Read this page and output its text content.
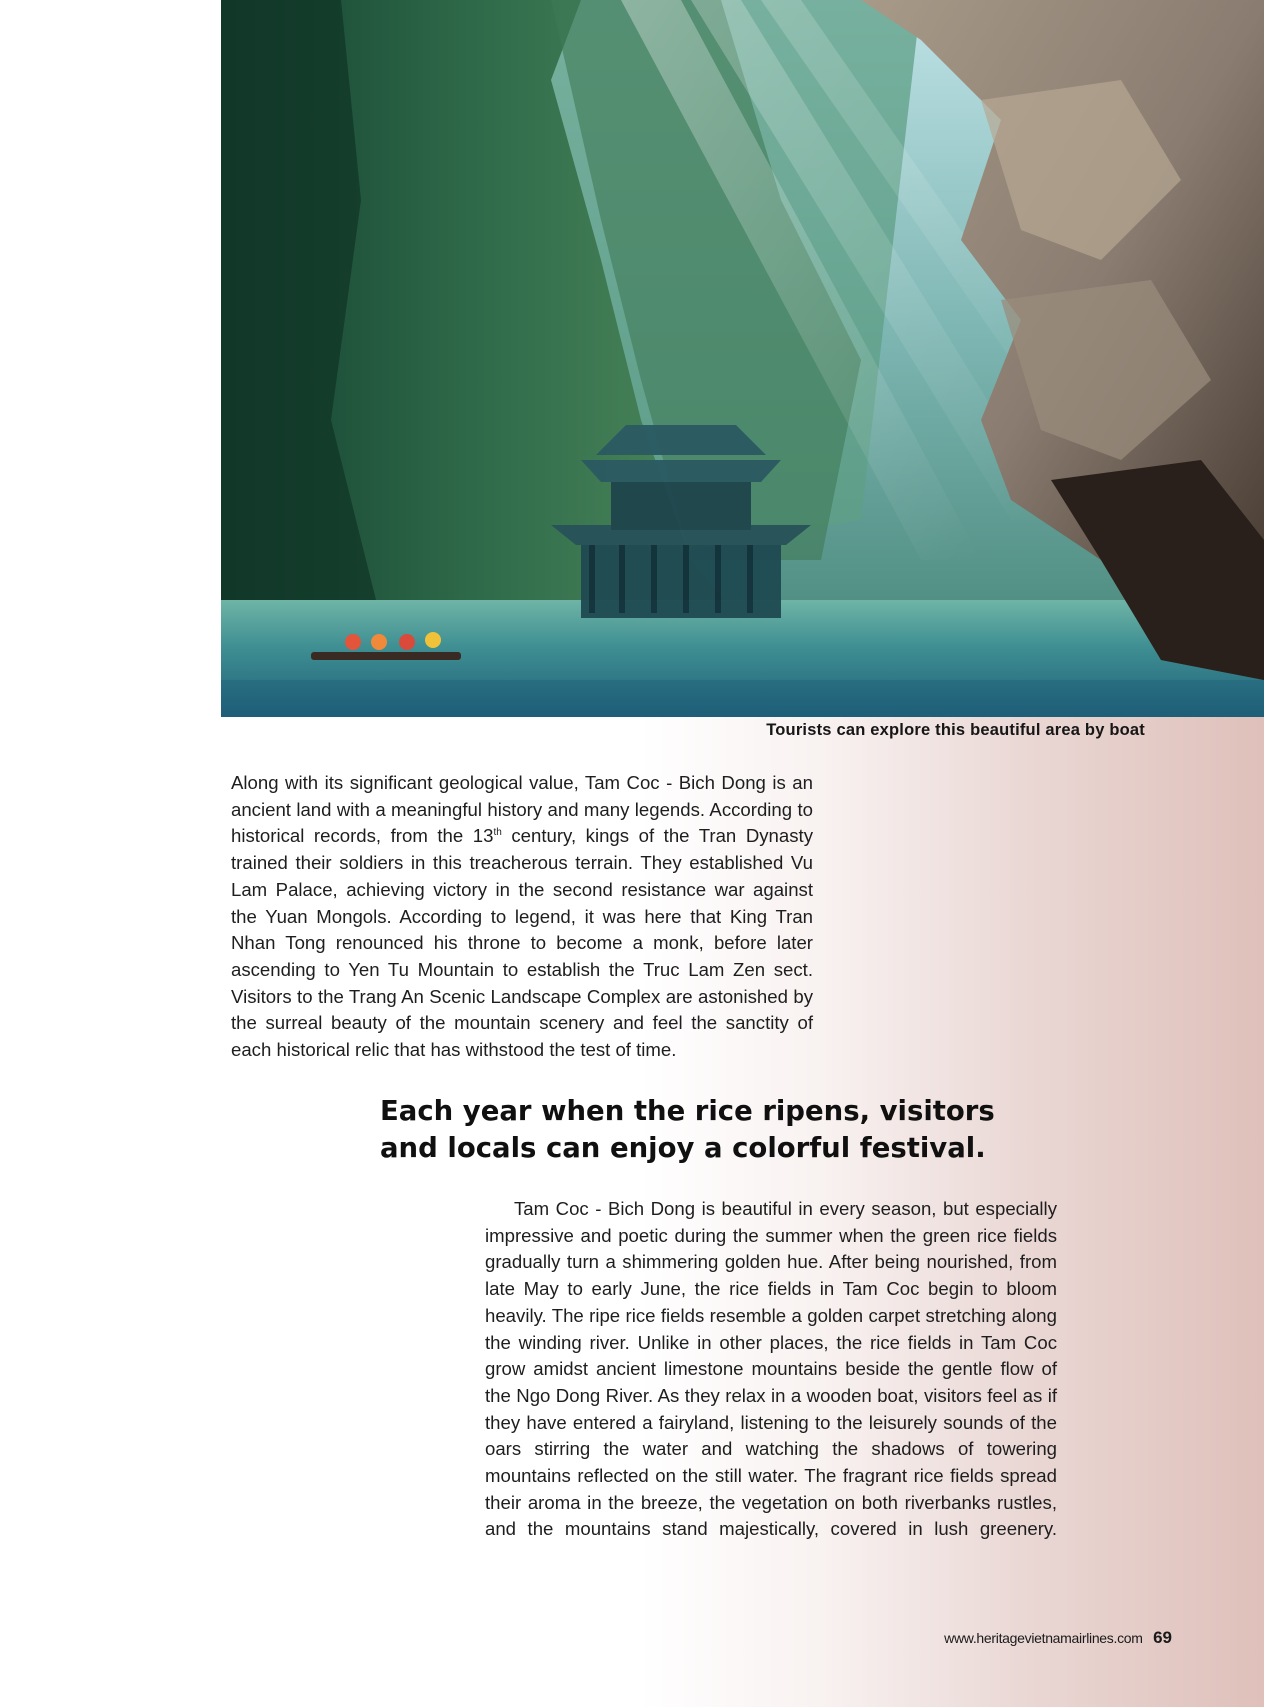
Tourists can explore this beautiful area by boat

Along with its significant geological value, Tam Coc - Bich Dong is an ancient land with a meaningful history and many legends. According to historical records, from the 13th century, kings of the Tran Dynasty trained their soldiers in this treacherous terrain. They established Vu Lam Palace, achieving victory in the second resistance war against the Yuan Mongols. According to legend, it was here that King Tran Nhan Tong renounced his throne to become a monk, before later ascending to Yen Tu Mountain to establish the Truc Lam Zen sect. Visitors to the Trang An Scenic Landscape Complex are astonished by the surreal beauty of the mountain scenery and feel the sanctity of each historical relic that has withstood the test of time.

Each year when the rice ripens, visitors and locals can enjoy a colorful festival.

Tam Coc - Bich Dong is beautiful in every season, but especially impressive and poetic during the summer when the green rice fields gradually turn a shimmering golden hue. After being nourished, from late May to early June, the rice fields in Tam Coc begin to bloom heavily. The ripe rice fields resemble a golden carpet stretching along the winding river. Unlike in other places, the rice fields in Tam Coc grow amidst ancient limestone mountains beside the gentle flow of the Ngo Dong River. As they relax in a wooden boat, visitors feel as if they have entered a fairyland, listening to the leisurely sounds of the oars stirring the water and watching the shadows of towering mountains reflected on the still water. The fragrant rice fields spread their aroma in the breeze, the vegetation on both riverbanks rustles, and the mountains stand majestically, covered in lush greenery.

www.heritagevietnamairlines.com 69
